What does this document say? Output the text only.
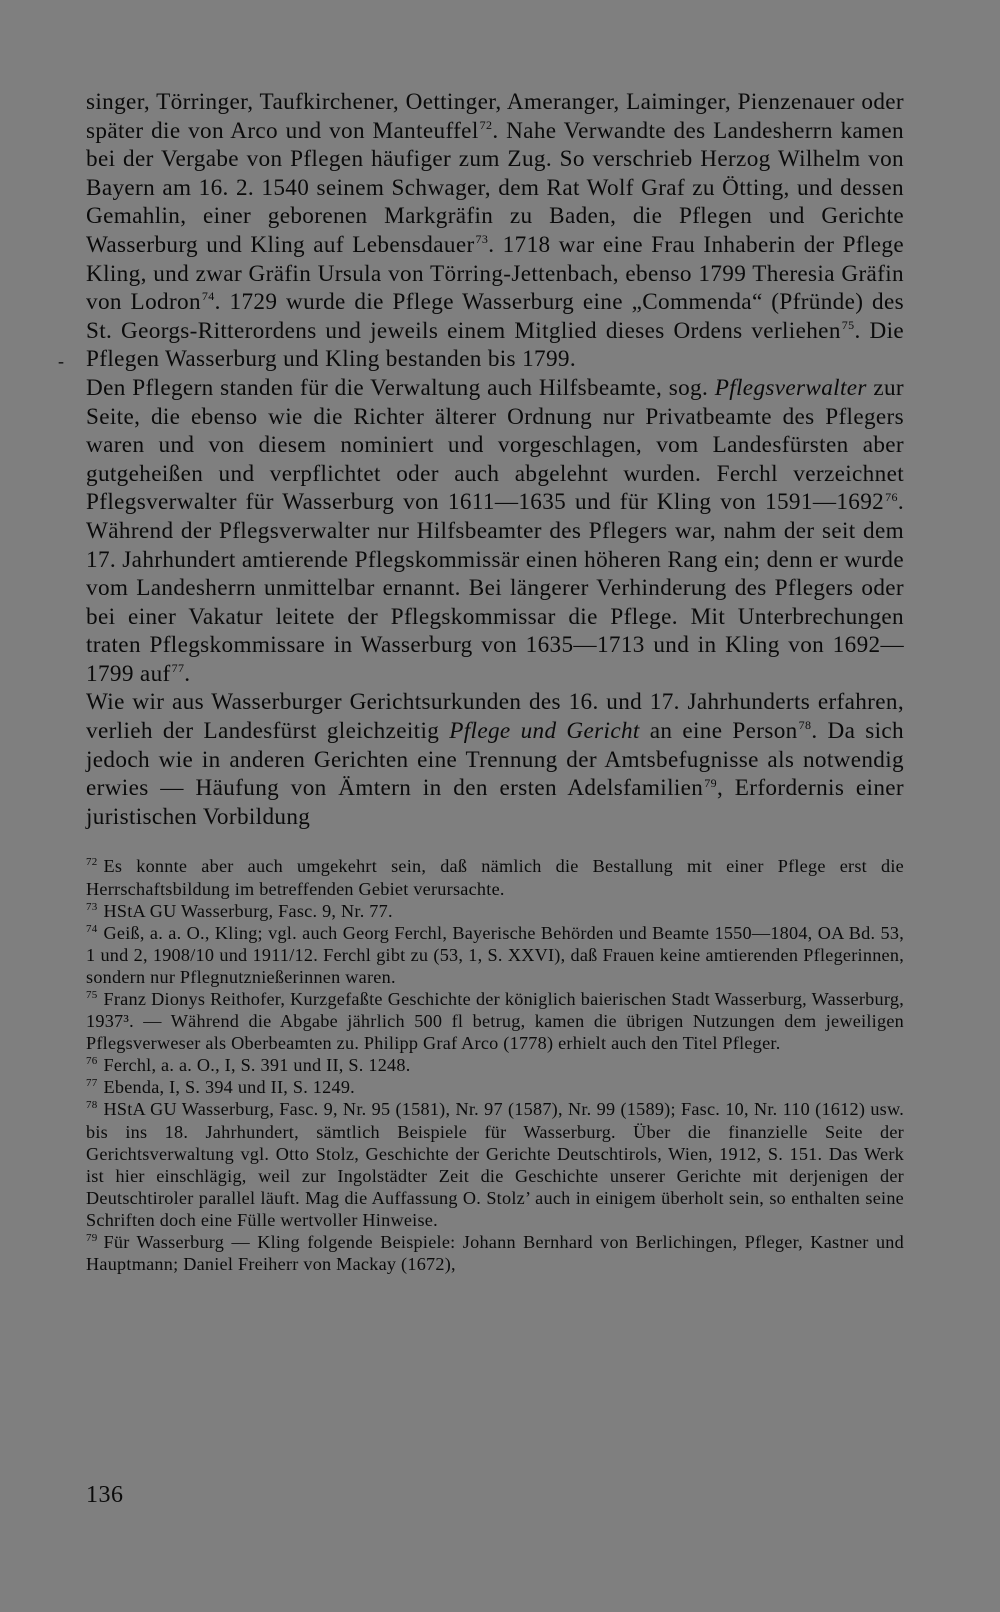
-

singer, Törringer, Taufkirchener, Oettinger, Ameranger, Laiminger, Pienzenauer oder später die von Arco und von Manteuffel$^{72}$. Nahe Verwandte des Landesherrn kamen bei der Vergabe von Pflegen häufiger zum Zug. So verschrieb Herzog Wilhelm von Bayern am 16. 2. 1540 seinem Schwager, dem Rat Wolf Graf zu Ötting, und dessen Gemahlin, einer geborenen Markgräfin zu Baden, die Pflegen und Gerichte Wasserburg und Kling auf Lebensdauer$^{73}$. 1718 war eine Frau Inhaberin der Pflege Kling, und zwar Gräfin Ursula von Törring-Jettenbach, ebenso 1799 Theresia Gräfin von Lodron$^{74}$. 1729 wurde die Pflege Wasserburg eine „Commenda“ (Pfründe) des St. Georgs-Ritterordens und jeweils einem Mitglied dieses Ordens verliehen$^{75}$. Die Pflegen Wasserburg und Kling bestanden bis 1799.

Den Pflegern standen für die Verwaltung auch Hilfsbeamte, sog. Pflegsverwalter zur Seite, die ebenso wie die Richter älterer Ordnung nur Privatbeamte des Pflegers waren und von diesem nominiert und vorgeschlagen, vom Landesfürsten aber gutgeheißen und verpflichtet oder auch abgelehnt wurden. Ferchl verzeichnet Pflegsverwalter für Wasserburg von 1611—1635 und für Kling von 1591—1692$^{76}$. Während der Pflegsverwalter nur Hilfsbeamter des Pflegers war, nahm der seit dem 17. Jahrhundert amtierende Pflegskommissär einen höheren Rang ein; denn er wurde vom Landesherrn unmittelbar ernannt. Bei längerer Verhinderung des Pflegers oder bei einer Vakatur leitete der Pflegskommissar die Pflege. Mit Unterbrechungen traten Pflegskommissare in Wasserburg von 1635—1713 und in Kling von 1692—1799 auf$^{77}$.

Wie wir aus Wasserburger Gerichtsurkunden des 16. und 17. Jahrhunderts erfahren, verlieh der Landesfürst gleichzeitig Pflege und Gericht an eine Person$^{78}$. Da sich jedoch wie in anderen Gerichten eine Trennung der Amtsbefugnisse als notwendig erwies — Häufung von Ämtern in den ersten Adelsfamilien$^{79}$, Erfordernis einer juristischen Vorbildung

$^{72}$ Es konnte aber auch umgekehrt sein, daß nämlich die Bestallung mit einer Pflege erst die Herrschaftsbildung im betreffenden Gebiet verursachte.

$^{73}$ HStA GU Wasserburg, Fasc. 9, Nr. 77.

$^{74}$ Geiß, a. a. O., Kling; vgl. auch Georg Ferchl, Bayerische Behörden und Beamte 1550—1804, OA Bd. 53, 1 und 2, 1908/10 und 1911/12. Ferchl gibt zu (53, 1, S. XXVI), daß Frauen keine amtierenden Pflegerinnen, sondern nur Pflegnutznießerinnen waren.

$^{75}$ Franz Dionys Reithofer, Kurzgefaßte Geschichte der königlich baierischen Stadt Wasserburg, Wasserburg, 1937³. — Während die Abgabe jährlich 500 fl betrug, kamen die übrigen Nutzungen dem jeweiligen Pflegsverweser als Oberbeamten zu. Philipp Graf Arco (1778) erhielt auch den Titel Pfleger.

$^{76}$ Ferchl, a. a. O., I, S. 391 und II, S. 1248.

$^{77}$ Ebenda, I, S. 394 und II, S. 1249.

$^{78}$ HStA GU Wasserburg, Fasc. 9, Nr. 95 (1581), Nr. 97 (1587), Nr. 99 (1589); Fasc. 10, Nr. 110 (1612) usw. bis ins 18. Jahrhundert, sämtlich Beispiele für Wasserburg. Über die finanzielle Seite der Gerichtsverwaltung vgl. Otto Stolz, Geschichte der Gerichte Deutschtirols, Wien, 1912, S. 151. Das Werk ist hier einschlägig, weil zur Ingolstädter Zeit die Geschichte unserer Gerichte mit derjenigen der Deutschtiroler parallel läuft. Mag die Auffassung O. Stolz’ auch in einigem überholt sein, so enthalten seine Schriften doch eine Fülle wertvoller Hinweise.

$^{79}$ Für Wasserburg — Kling folgende Beispiele: Johann Bernhard von Berlichingen, Pfleger, Kastner und Hauptmann; Daniel Freiherr von Mackay (1672),

136
